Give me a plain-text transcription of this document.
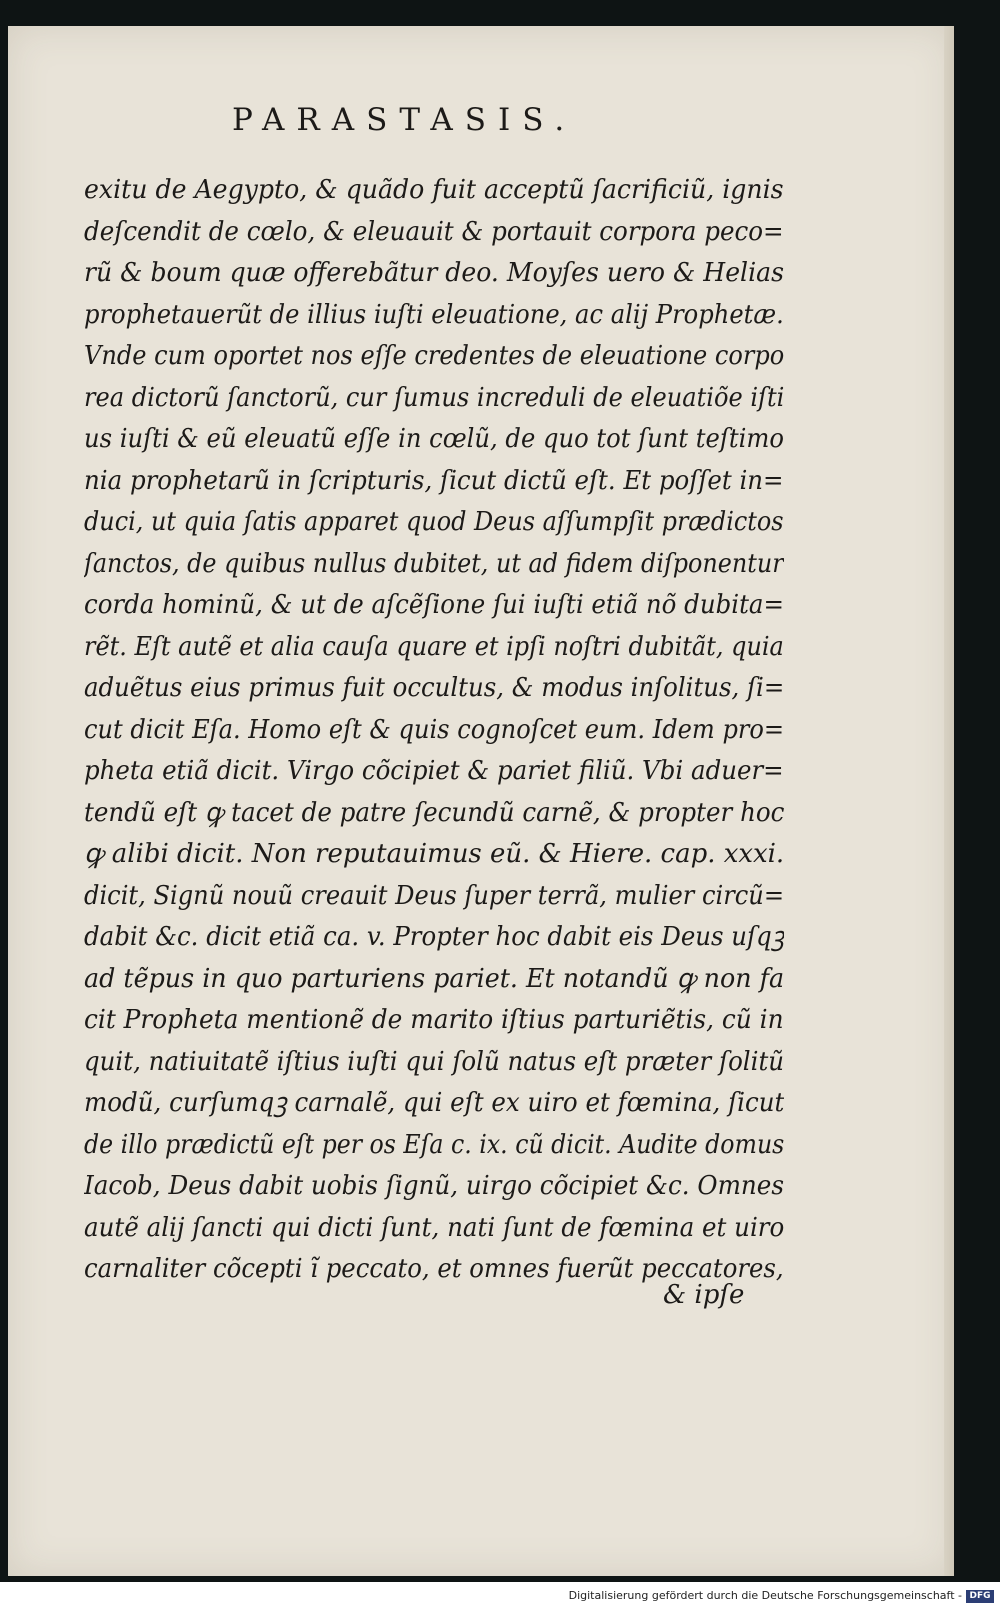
PARASTASIS.
exitu de Aegypto, & quãdo fuit acceptũ ſacrificiũ, ignis
deſcendit de cœlo, & eleuauit & portauit corpora peco=
rũ & boum quæ offerebãtur deo. Moyſes uero & Helias
prophetauerũt de illius iuſti eleuatione, ac alij Prophetæ.
Vnde cum oportet nos eſſe credentes de eleuatione corpo
rea dictorũ ſanctorũ, cur ſumus increduli de eleuatiõe iſti
us iuſti & eũ eleuatũ eſſe in cœlũ, de quo tot ſunt teſtimo
nia prophetarũ in ſcripturis, ſicut dictũ eſt. Et poſſet in=
duci, ut quia ſatis apparet quod Deus aſſumpſit prædictos
ſanctos, de quibus nullus dubitet, ut ad fidem diſponentur
corda hominũ, & ut de aſcẽſione ſui iuſti etiã nõ dubita=
rẽt. Eſt autẽ et alia cauſa quare et ipſi noſtri dubitãt, quia
aduẽtus eius primus fuit occultus, & modus inſolitus, ſi=
cut dicit Eſa. Homo eſt & quis cognoſcet eum. Idem pro=
pheta etiã dicit. Virgo cõcipiet & pariet filiũ. Vbi aduer=
tendũ eſt ꝙ tacet de patre ſecundũ carnẽ, & propter hoc
ꝙ alibi dicit. Non reputauimus eũ. & Hiere. cap. xxxi.
dicit, Signũ nouũ creauit Deus ſuper terrã, mulier circũ=
dabit &c. dicit etiã ca. v. Propter hoc dabit eis Deus uſqꝫ
ad tẽpus in quo parturiens pariet. Et notandũ ꝙ non fa
cit Propheta mentionẽ de marito iſtius parturiẽtis, cũ in
quit, natiuitatẽ iſtius iuſti qui ſolũ natus eſt præter ſolitũ
modũ, curſumqꝫ carnalẽ, qui eſt ex uiro et fœmina, ſicut
de illo prædictũ eſt per os Eſa c. ix. cũ dicit. Audite domus
Iacob, Deus dabit uobis ſignũ, uirgo cõcipiet &c. Omnes
autẽ alij ſancti qui dicti ſunt, nati ſunt de fœmina et uiro
carnaliter cõcepti ĩ peccato, et omnes fuerũt peccatores,
& ipſe
Digitalisierung gefördert durch die Deutsche Forschungsgemeinschaft - DFG
